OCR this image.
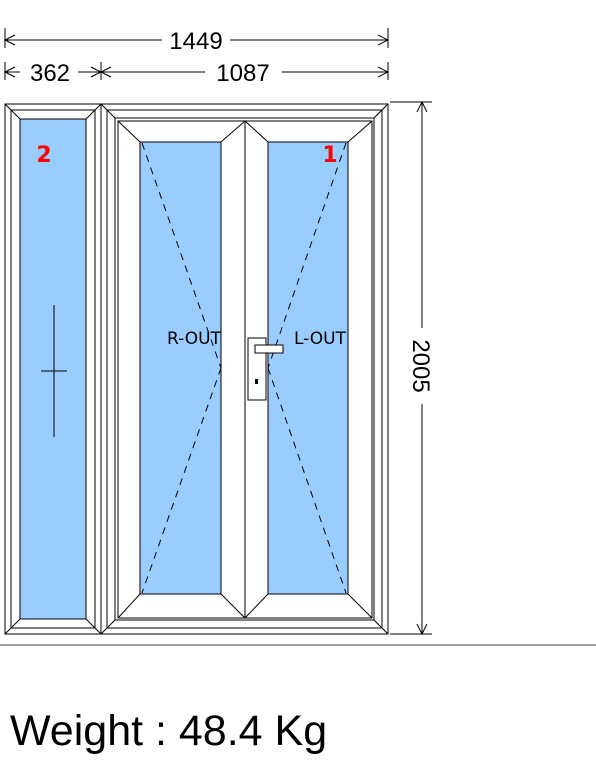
1449
362	1087
2005
2
R-OUT	L-OUT
1
Weight : 48.4 Kg
